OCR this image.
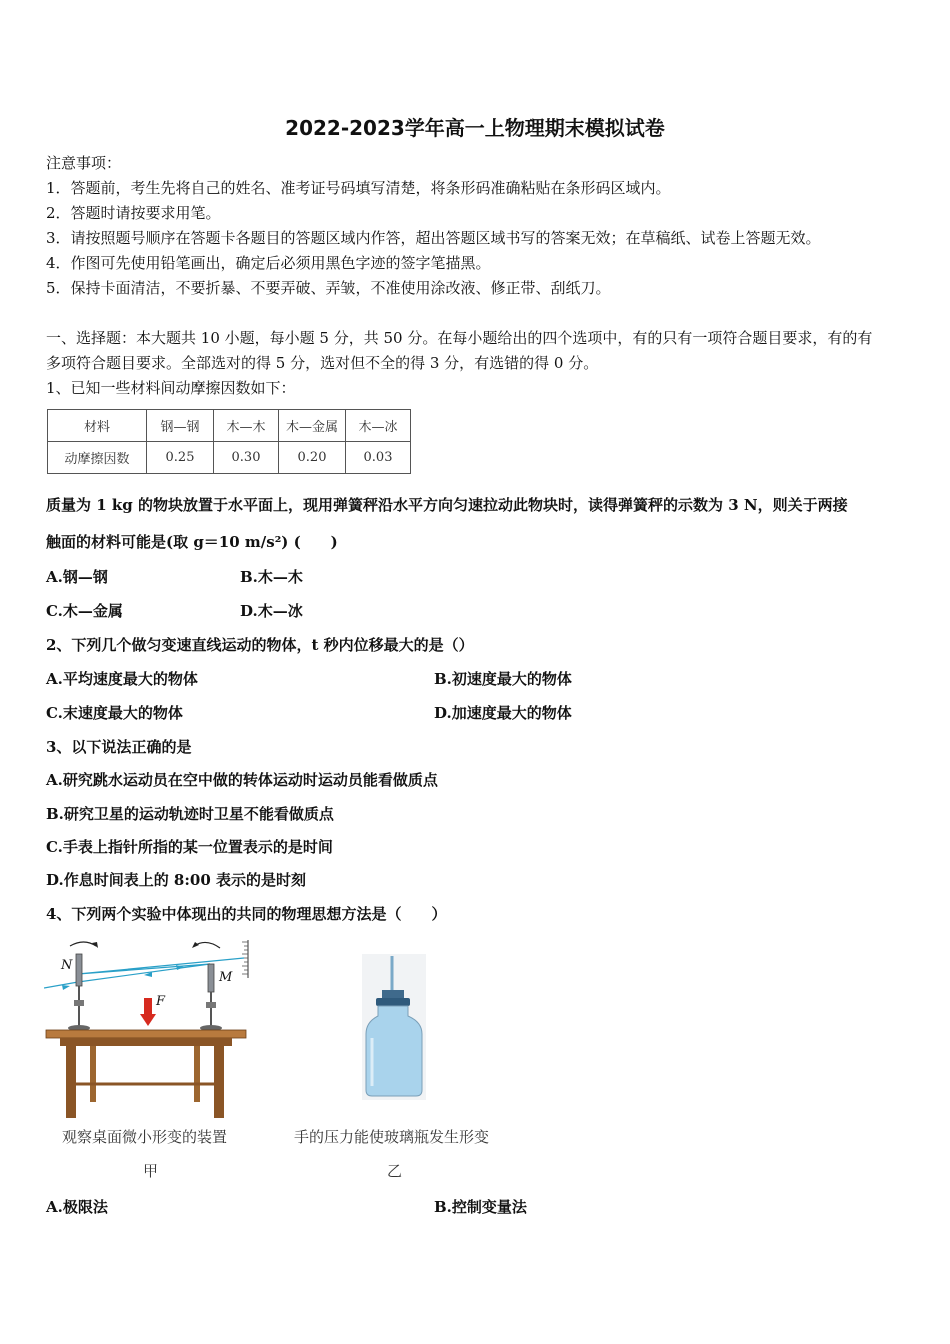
2022-2023学年高一上物理期末模拟试卷
注意事项：
1．答题前，考生先将自己的姓名、准考证号码填写清楚，将条形码准确粘贴在条形码区域内。
2．答题时请按要求用笔。
3．请按照题号顺序在答题卡各题目的答题区域内作答，超出答题区域书写的答案无效；在草稿纸、试卷上答题无效。
4．作图可先使用铅笔画出，确定后必须用黑色字迹的签字笔描黑。
5．保持卡面清洁，不要折暴、不要弄破、弄皱，不准使用涂改液、修正带、刮纸刀。
一、选择题：本大题共 10 小题，每小题 5 分，共 50 分。在每小题给出的四个选项中，有的只有一项符合题目要求，有的有
多项符合题目要求。全部选对的得 5 分，选对但不全的得 3 分，有选错的得 0 分。
1、已知一些材料间动摩擦因数如下：
材料	钢—钢	木—木	木—金属	木—冰
动摩擦因数	0.25	0.30	0.20	0.03
质量为 1 kg 的物块放置于水平面上，现用弹簧秤沿水平方向匀速拉动此物块时，读得弹簧秤的示数为 3 N，则关于两接
触面的材料可能是(取 g＝10 m/s²) (　　)
A.钢—钢	B.木—木
C.木—金属	D.木—冰
2、下列几个做匀变速直线运动的物体，t 秒内位移最大的是（）
A.平均速度最大的物体	B.初速度最大的物体
C.末速度最大的物体	D.加速度最大的物体
3、以下说法正确的是
A.研究跳水运动员在空中做的转体运动时运动员能看做质点
B.研究卫星的运动轨迹时卫星不能看做质点
C.手表上指针所指的某一位置表示的是时间
D.作息时间表上的 8:00 表示的是时刻
4、下列两个实验中体现出的共同的物理思想方法是（　　）
N
M
F
观察桌面微小形变的装置	手的压力能使玻璃瓶发生形变
甲	乙
A.极限法	B.控制变量法
